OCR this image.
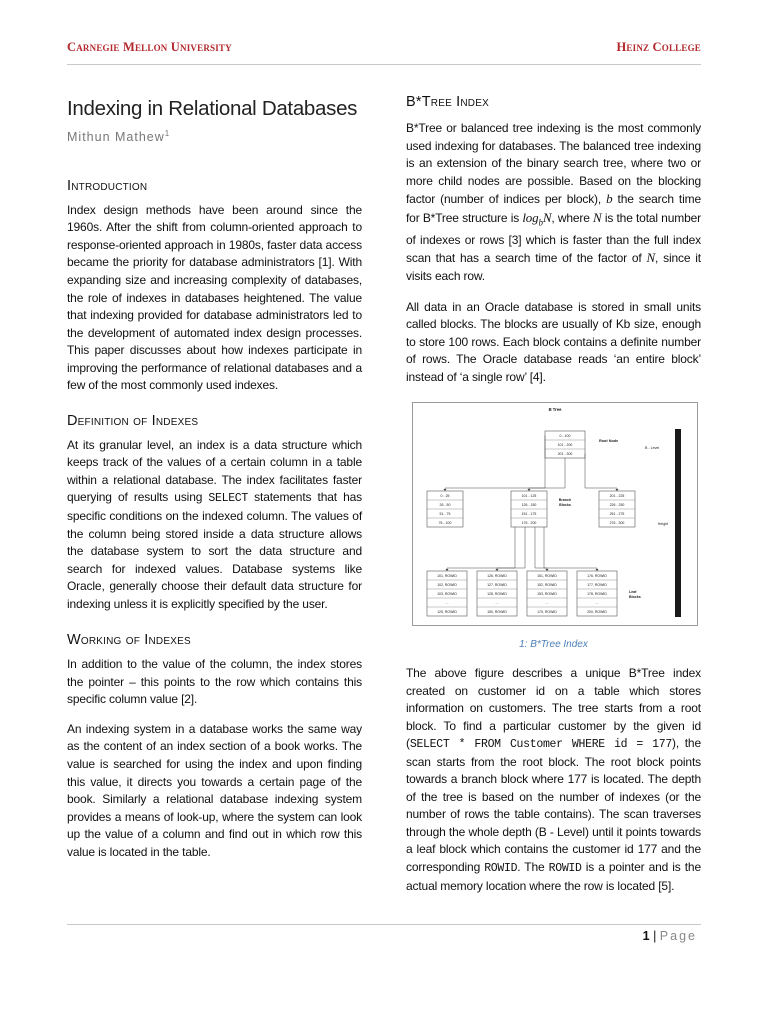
Carnegie Mellon University	Heinz College
Indexing in Relational Databases
Mithun Mathew$^1$
Introduction

Index design methods have been around since the 1960s. After the shift from column-oriented approach to response-oriented approach in 1980s, faster data access became the priority for database administrators [1]. With expanding size and increasing complexity of databases, the role of indexes in databases heightened. The value that indexing provided for database administrators led to the development of automated index design processes. This paper discusses about how indexes participate in improving the performance of relational databases and a few of the most commonly used indexes.

Definition of Indexes

At its granular level, an index is a data structure which keeps track of the values of a certain column in a table within a relational database. The index facilitates faster querying of results using SELECT statements that has specific conditions on the indexed column. The values of the column being stored inside a data structure allows the database system to sort the data structure and search for indexed values. Database systems like Oracle, generally choose their default data structure for indexing unless it is explicitly specified by the user.

Working of Indexes

In addition to the value of the column, the index stores the pointer – this points to the row which contains this specific column value [2].

An indexing system in a database works the same way as the content of an index section of a book works. The value is searched for using the index and upon finding this value, it directs you towards a certain page of the book. Similarly a relational database indexing system provides a means of look-up, where the system can look up the value of a column and find out in which row this value is located in the table.

B*Tree Index

B*Tree or balanced tree indexing is the most commonly used indexing for databases. The balanced tree indexing is an extension of the binary search tree, where two or more child nodes are possible. Based on the blocking factor (number of indices per block), b the search time for B*Tree structure is $\log_bN$, where N is the total number of indexes or rows [3] which is faster than the full index scan that has a search time of the factor of N, since it visits each row.

All data in an Oracle database is stored in small units called blocks. The blocks are usually of Kb size, enough to store 100 rows. Each block contains a definite number of rows. The Oracle database reads ‘an entire block’ instead of ‘a single row’ [4].

B Tree
0 - 100
101 - 200
201 - 300
Root Node
B - Level
0 - 25
26 - 50
51 - 75
76 - 100
101 - 125
126 - 150
151 - 175
176 - 200
201 - 225
226 - 250
251 - 275
276 - 300
Branch
Blocks
101, ROWID
102, ROWID
103, ROWID
...
125, ROWID
126, ROWID
127, ROWID
128, ROWID
...
150, ROWID
151, ROWID
152, ROWID
153, ROWID
...
175, ROWID
176, ROWID
177, ROWID
178, ROWID
...
200, ROWID
Leaf
Blocks
Height
1: B*Tree Index

The above figure describes a unique B*Tree index created on customer id on a table which stores information on customers. The tree starts from a root block. To find a particular customer by the given id (SELECT * FROM Customer WHERE id = 177), the scan starts from the root block. The root block points towards a branch block where 177 is located. The depth of the tree is based on the number of indexes (or the number of rows the table contains). The scan traverses through the whole depth (B - Level) until it points towards a leaf block which contains the customer id 177 and the corresponding ROWID. The ROWID is a pointer and is the actual memory location where the row is located [5].

1 | Page
